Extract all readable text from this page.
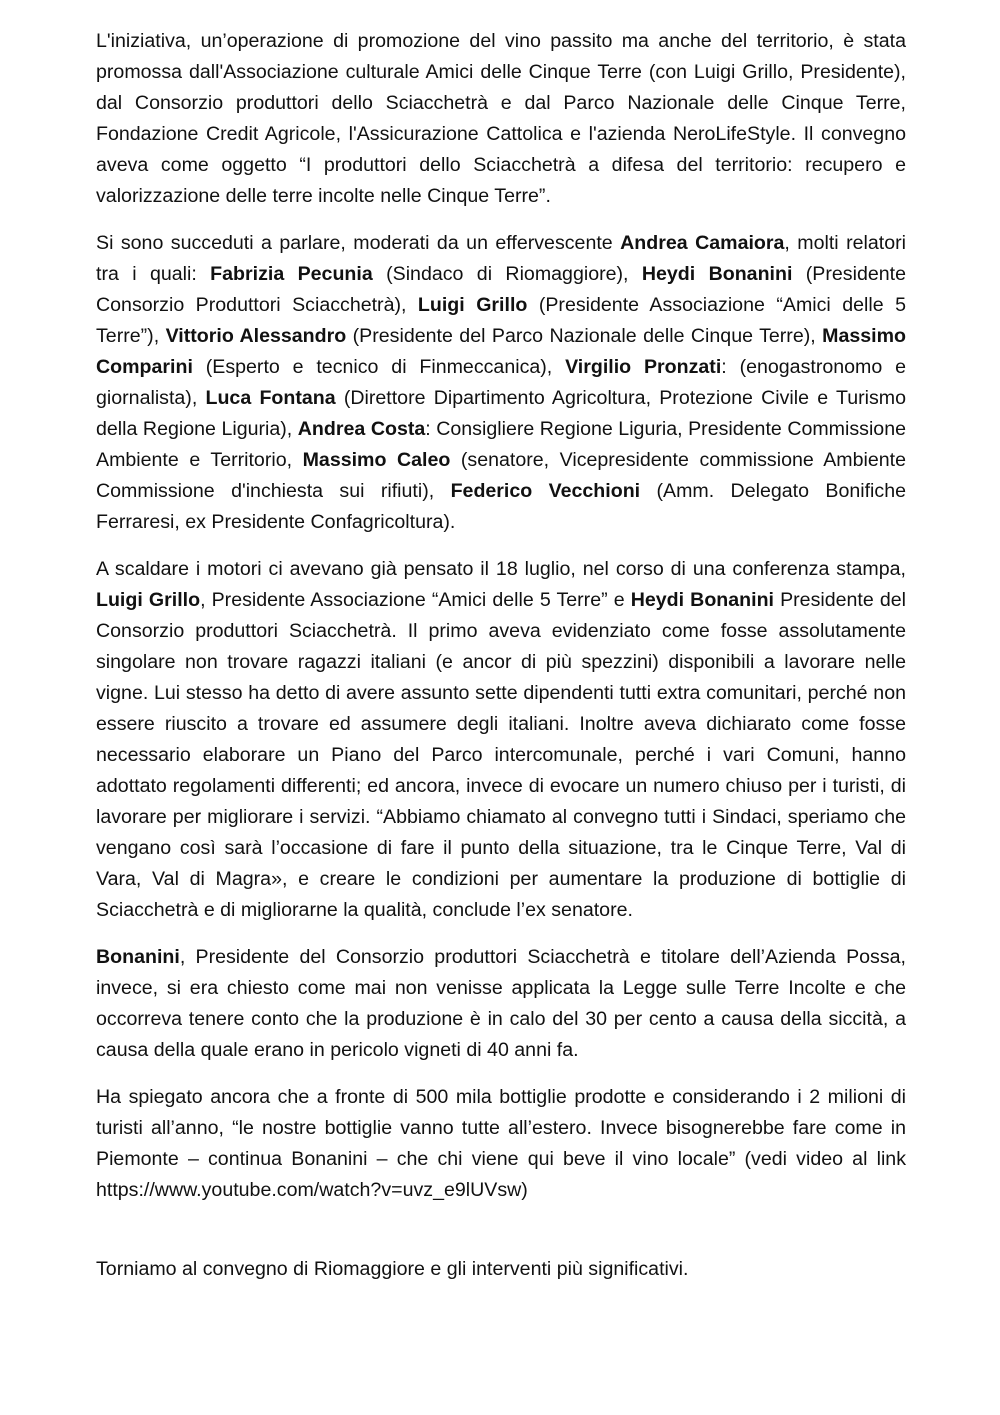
L'iniziativa, un’operazione di promozione del vino passito ma anche del territorio, è stata promossa dall'Associazione culturale Amici delle Cinque Terre (con Luigi Grillo, Presidente), dal Consorzio produttori dello Sciacchetrà e dal Parco Nazionale delle Cinque Terre, Fondazione Credit Agricole, l'Assicurazione Cattolica e l'azienda NeroLifeStyle. Il convegno aveva come oggetto “I produttori dello Sciacchetrà a difesa del territorio: recupero e valorizzazione delle terre incolte nelle Cinque Terre”.

Si sono succeduti a parlare, moderati da un effervescente Andrea Camaiora, molti relatori tra i quali: Fabrizia Pecunia (Sindaco di Riomaggiore), Heydi Bonanini (Presidente Consorzio Produttori Sciacchetrà), Luigi Grillo (Presidente Associazione “Amici delle 5 Terre”), Vittorio Alessandro (Presidente del Parco Nazionale delle Cinque Terre), Massimo Comparini (Esperto e tecnico di Finmeccanica), Virgilio Pronzati: (enogastronomo e giornalista), Luca Fontana (Direttore Dipartimento Agricoltura, Protezione Civile e Turismo della Regione Liguria), Andrea Costa: Consigliere Regione Liguria, Presidente Commissione Ambiente e Territorio, Massimo Caleo (senatore, Vicepresidente commissione Ambiente Commissione d'inchiesta sui rifiuti), Federico Vecchioni (Amm. Delegato Bonifiche Ferraresi, ex Presidente Confagricoltura).

A scaldare i motori ci avevano già pensato il 18 luglio, nel corso di una conferenza stampa, Luigi Grillo, Presidente Associazione “Amici delle 5 Terre” e Heydi Bonanini Presidente del Consorzio produttori Sciacchetrà. Il primo aveva evidenziato come fosse assolutamente singolare non trovare ragazzi italiani (e ancor di più spezzini) disponibili a lavorare nelle vigne. Lui stesso ha detto di avere assunto sette dipendenti tutti extra comunitari, perché non essere riuscito a trovare ed assumere degli italiani. Inoltre aveva dichiarato come fosse necessario elaborare un Piano del Parco intercomunale, perché i vari Comuni, hanno adottato regolamenti differenti; ed ancora, invece di evocare un numero chiuso per i turisti, di lavorare per migliorare i servizi. “Abbiamo chiamato al convegno tutti i Sindaci, speriamo che vengano così sarà l’occasione di fare il punto della situazione, tra le Cinque Terre, Val di Vara, Val di Magra», e creare le condizioni per aumentare la produzione di bottiglie di Sciacchetrà e di migliorarne la qualità, conclude l’ex senatore.

Bonanini, Presidente del Consorzio produttori Sciacchetrà e titolare dell’Azienda Possa, invece, si era chiesto come mai non venisse applicata la Legge sulle Terre Incolte e che occorreva tenere conto che la produzione è in calo del 30 per cento a causa della siccità, a causa della quale erano in pericolo vigneti di 40 anni fa.

Ha spiegato ancora che a fronte di 500 mila bottiglie prodotte e considerando i 2 milioni di turisti all’anno, “le nostre bottiglie vanno tutte all’estero. Invece bisognerebbe fare come in Piemonte – continua Bonanini – che chi viene qui beve il vino locale” (vedi video al link https://www.youtube.com/watch?v=uvz_e9lUVsw)

Torniamo al convegno di Riomaggiore e gli interventi più significativi.
